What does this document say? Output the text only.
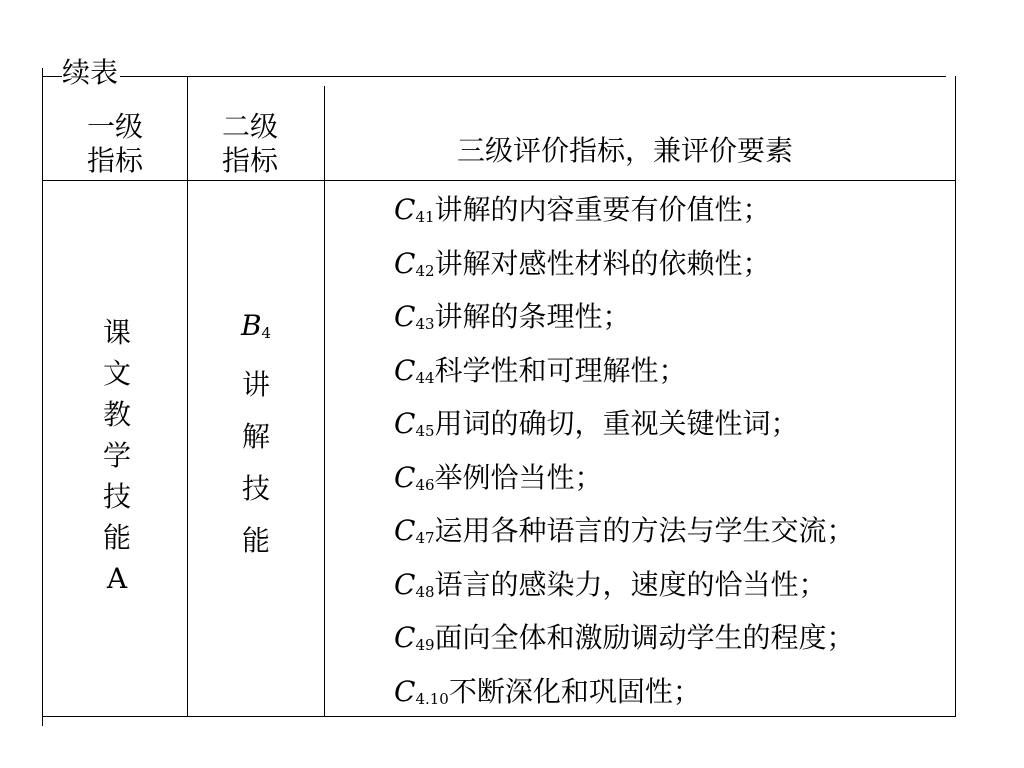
续表
一级
指标
二级
指标	三级评价指标，兼评价要素
课
文
教
学
技
能
A
$B_4$
讲
解
技
能
$C_{41}$讲解的内容重要有价值性；
$C_{42}$讲解对感性材料的依赖性；
$C_{43}$讲解的条理性；
$C_{44}$科学性和可理解性；
$C_{45}$用词的确切，重视关键性词；
$C_{46}$举例恰当性；
$C_{47}$运用各种语言的方法与学生交流；
$C_{48}$语言的感染力，速度的恰当性；
$C_{49}$面向全体和激励调动学生的程度；
$C_{4.10}$不断深化和巩固性；
